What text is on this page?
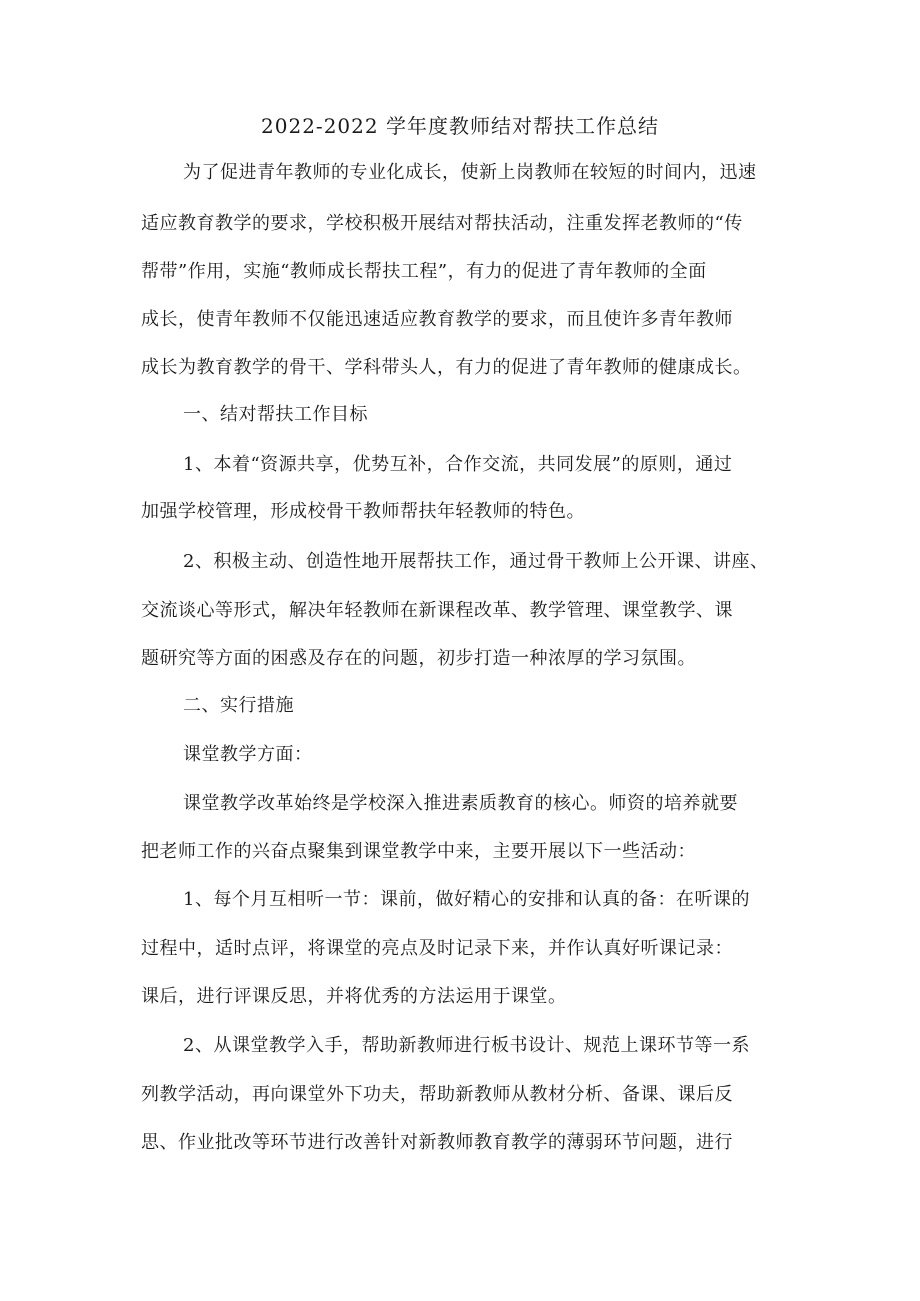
2022-2022 学年度教师结对帮扶工作总结
为了促进青年教师的专业化成长，使新上岗教师在较短的时间内，迅速
适应教育教学的要求，学校积极开展结对帮扶活动，注重发挥老教师的“传
帮带”作用，实施“教师成长帮扶工程”，有力的促进了青年教师的全面
成长，使青年教师不仅能迅速适应教育教学的要求，而且使许多青年教师
成长为教育教学的骨干、学科带头人，有力的促进了青年教师的健康成长。
一、结对帮扶工作目标
1、本着“资源共享，优势互补，合作交流，共同发展”的原则，通过
加强学校管理，形成校骨干教师帮扶年轻教师的特色。
2、积极主动、创造性地开展帮扶工作，通过骨干教师上公开课、讲座、
交流谈心等形式，解决年轻教师在新课程改革、教学管理、课堂教学、课
题研究等方面的困惑及存在的问题，初步打造一种浓厚的学习氛围。
二、实行措施
课堂教学方面：
课堂教学改革始终是学校深入推进素质教育的核心。师资的培养就要
把老师工作的兴奋点聚集到课堂教学中来，主要开展以下一些活动：
1、每个月互相听一节：课前，做好精心的安排和认真的备：在听课的
过程中，适时点评，将课堂的亮点及时记录下来，并作认真好听课记录：
课后，进行评课反思，并将优秀的方法运用于课堂。
2、从课堂教学入手，帮助新教师进行板书设计、规范上课环节等一系
列教学活动，再向课堂外下功夫，帮助新教师从教材分析、备课、课后反
思、作业批改等环节进行改善针对新教师教育教学的薄弱环节问题，进行
